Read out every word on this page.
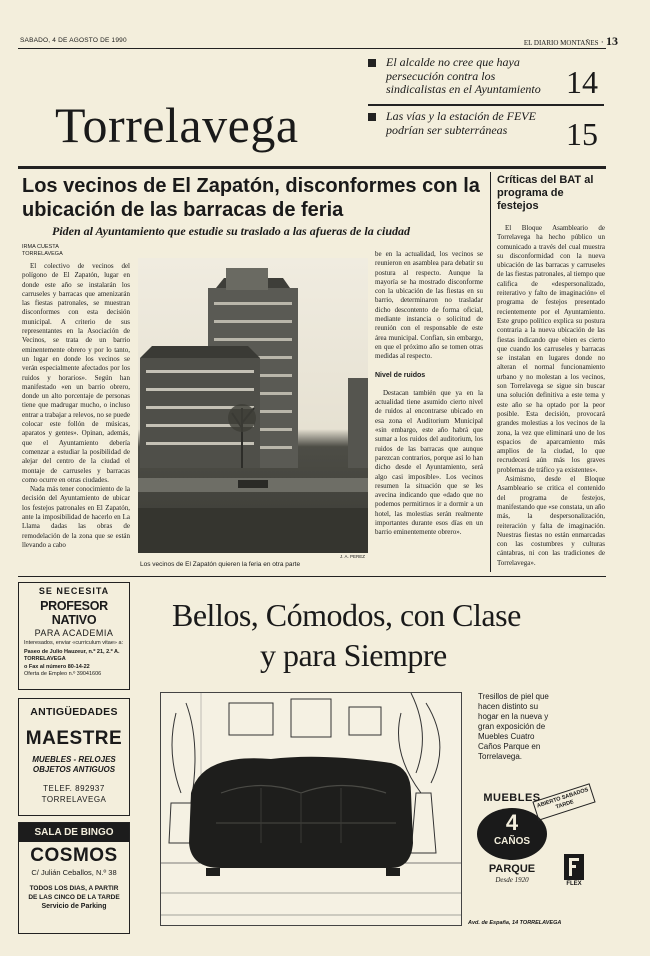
SABADO, 4 DE AGOSTO DE 1990	EL DIARIO MONTAÑES · 13
Torrelavega
El alcalde no cree que haya persecución contra los sindicalistas en el Ayuntamiento 14
Las vías y la estación de FEVE podrían ser subterráneas	15
Los vecinos de El Zapatón, disconformes con la ubicación de las barracas de feria
Piden al Ayuntamiento que estudie su traslado a las afueras de la ciudad
IRMA CUESTA
TORRELAVEGA

El colectivo de vecinos del polígono de El Zapatón, lugar en donde este año se instalarán los carruseles y barracas que amenizarán las fiestas patronales, se muestran disconformes con esta decisión municipal. A criterio de sus representantes en la Asociación de Vecinos, se trata de un barrio eminentemente obrero y por lo tanto, un lugar en donde los vecinos se verán especialmente afectados por los ruidos y horarios». Según han manifestado «en un barrio obrero, donde un alto porcentaje de personas tiene que madrugar mucho, o incluso entrar a trabajar a relevos, no se puede colocar este follón de músicas, aparatos y gentes». Opinan, además, que el Ayuntamiento debería comenzar a estudiar la posibilidad de alejar del centro de la ciudad el montaje de carruseles y barracas como ocurre en otras ciudades.

Nada más tener conocimiento de la decisión del Ayuntamiento de ubicar los festejos patronales en El Zapatón, ante la imposibilidad de hacerlo en La Llama dadas las obras de remodelación de la zona que se están llevando a cabo

J. A. PEREZ
Los vecinos de El Zapatón quieren la feria en otra parte

be en la actualidad, los vecinos se reunieron en asamblea para debatir su postura al respecto. Aunque la mayoría se ha mostrado disconforme con la ubicación de las fiestas en su barrio, determinaron no trasladar dicho descontento de forma oficial, mediante instancia o solicitud de reunión con el responsable de este área municipal. Confían, sin embargo, en que el próximo año se tomen otras medidas al respecto.

Nivel de ruidos

Destacan también que ya en la actualidad tiene asumido cierto nivel de ruidos al encontrarse ubicado en esa zona el Auditorium Municipal «sin embargo, este año habrá que sumar a los ruidos del auditorium, los ruidos de las barracas que aunque parezcan contrarios, porque así lo han dicho desde el Ayuntamiento, será algo casi imposible». Los vecinos resumen la situación que se les avecina indicando que «dado que no podemos permitirnos ir a dormir a un hotel, las molestias serán realmente importantes durante esos días en un barrio eminentemente obrero».

Críticas del BAT al programa de festejos

El Bloque Asambleario de Torrelavega ha hecho público un comunicado a través del cual muestra su disconformidad con la nueva ubicación de las barracas y carruseles de las fiestas patronales, al tiempo que califica de «despersonalizado, reiterativo y falto de imaginación» el programa de festejos presentado recientemente por el Ayuntamiento. Este grupo político explica su postura contraria a la nueva ubicación de las fiestas indicando que «bien es cierto que cuando los carruseles y barracas se instalan en lugares donde no alteran el normal funcionamiento urbano y no molestan a los vecinos, son Torrelavega se sigue sin buscar una solución definitiva a este tema y este año se ha optado por la peor posible. Esta decisión, provocará grandes molestias a los vecinos de la zona, la vez que eliminará uno de los espacios de aparcamiento más amplios de la ciudad, lo que recrudecerá aún más los graves problemas de tráfico ya existentes».

Asimismo, desde el Bloque Asambleario se critica el contenido del programa de festejos, manifestando que «se constata, un año más, la despersonalización, reiteración y falta de imaginación. Nuestras fiestas no están enmarcadas con las costumbres y culturas cántabras, ni con las tradiciones de Torrelavega».

SE NECESITA
PROFESOR NATIVO
PARA ACADEMIA
Interesados, enviar «curriculum vitae» a:
Paseo de Julio Hauzeur, n.º 21, 2.º A. TORRELAVEGA
o Fax al número 80-14-22
Oferta de Empleo n.º 39041606
ANTIGÜEDADES
MAESTRE
MUEBLES - RELOJES OBJETOS ANTIGUOS
TELEF. 892937
TORRELAVEGA
SALA DE BINGO
COSMOS
C/ Julián Ceballos, N.º 38
TODOS LOS DIAS, A PARTIR DE LAS CINCO DE LA TARDE
Servicio de Parking
Bellos, Cómodos, con Clase
y para Siempre
Tresillos de piel que hacen distinto su hogar en la nueva y gran exposición de Muebles Cuatro Caños Parque en Torrelavega.
MUEBLES
4
CAÑOS
PARQUE
Desde 1920
ABIERTO SABADOS TARDE
FLEX
Avd. de España, 14 TORRELAVEGA
